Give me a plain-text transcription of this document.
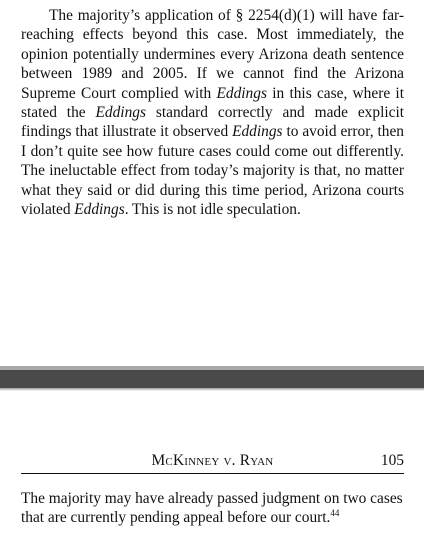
The majority’s application of § 2254(d)(1) will have far-reaching effects beyond this case. Most immediately, the opinion potentially undermines every Arizona death sentence between 1989 and 2005. If we cannot find the Arizona Supreme Court complied with Eddings in this case, where it stated the Eddings standard correctly and made explicit findings that illustrate it observed Eddings to avoid error, then I don’t quite see how future cases could come out differently. The ineluctable effect from today’s majority is that, no matter what they said or did during this time period, Arizona courts violated Eddings. This is not idle speculation.

McKinney v. Ryan	105

The majority may have already passed judgment on two cases that are currently pending appeal before our court.$^{44}$
